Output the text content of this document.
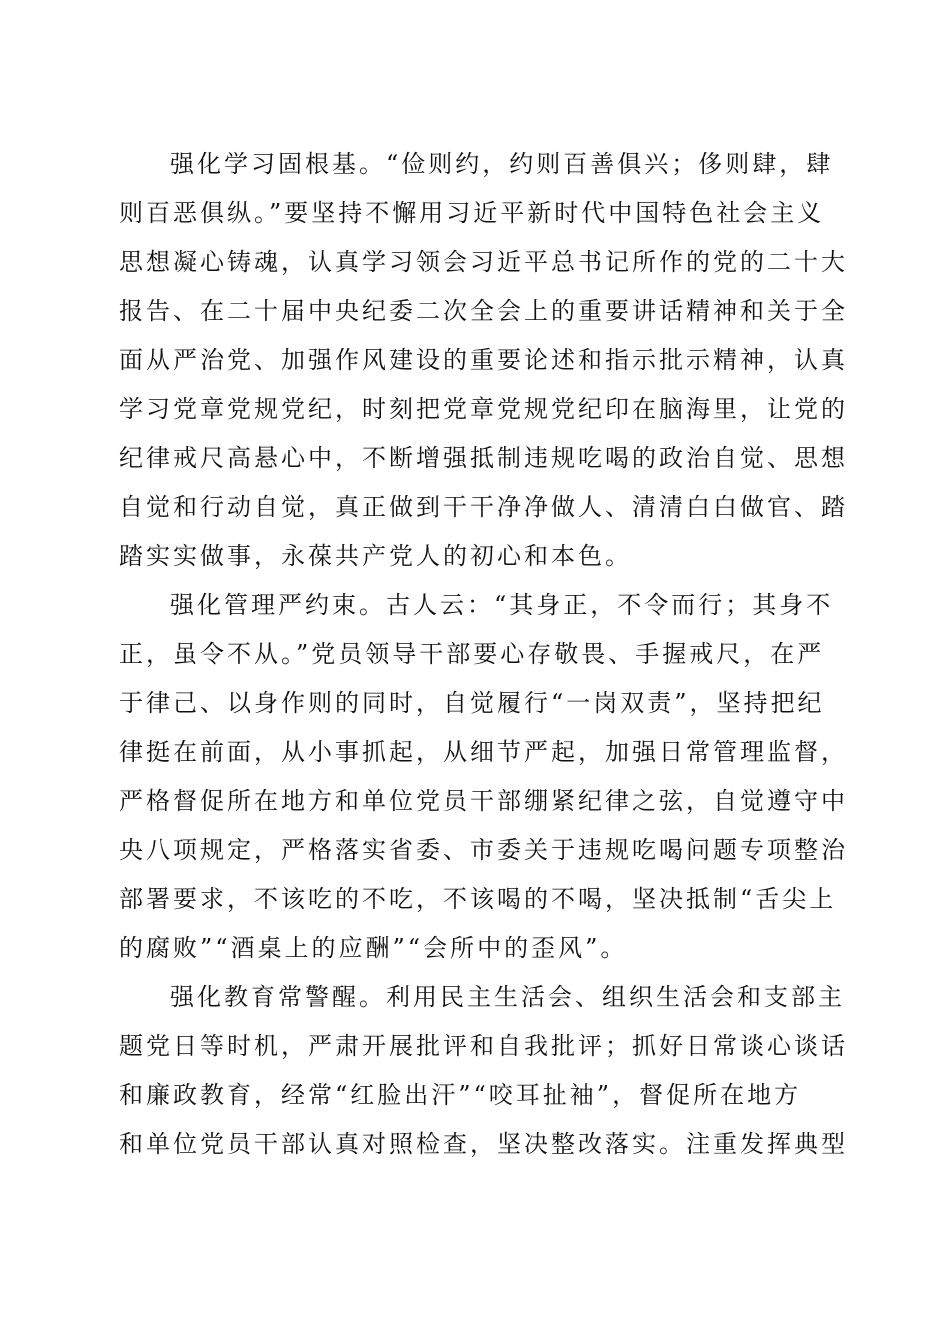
强化学习固根基。“俭则约，约则百善俱兴；侈则肆，肆
则百恶俱纵。”要坚持不懈用习近平新时代中国特色社会主义
思想凝心铸魂，认真学习领会习近平总书记所作的党的二十大
报告、在二十届中央纪委二次全会上的重要讲话精神和关于全
面从严治党、加强作风建设的重要论述和指示批示精神，认真
学习党章党规党纪，时刻把党章党规党纪印在脑海里，让党的
纪律戒尺高悬心中，不断增强抵制违规吃喝的政治自觉、思想
自觉和行动自觉，真正做到干干净净做人、清清白白做官、踏
踏实实做事，永葆共产党人的初心和本色。

强化管理严约束。古人云：“其身正，不令而行；其身不
正，虽令不从。”党员领导干部要心存敬畏、手握戒尺，在严
于律己、以身作则的同时，自觉履行“一岗双责”，坚持把纪
律挺在前面，从小事抓起，从细节严起，加强日常管理监督，
严格督促所在地方和单位党员干部绷紧纪律之弦，自觉遵守中
央八项规定，严格落实省委、市委关于违规吃喝问题专项整治
部署要求，不该吃的不吃，不该喝的不喝，坚决抵制“舌尖上
的腐败”“酒桌上的应酬”“会所中的歪风”。

强化教育常警醒。利用民主生活会、组织生活会和支部主
题党日等时机，严肃开展批评和自我批评；抓好日常谈心谈话
和廉政教育，经常“红脸出汗”“咬耳扯袖”，督促所在地方
和单位党员干部认真对照检查，坚决整改落实。注重发挥典型
